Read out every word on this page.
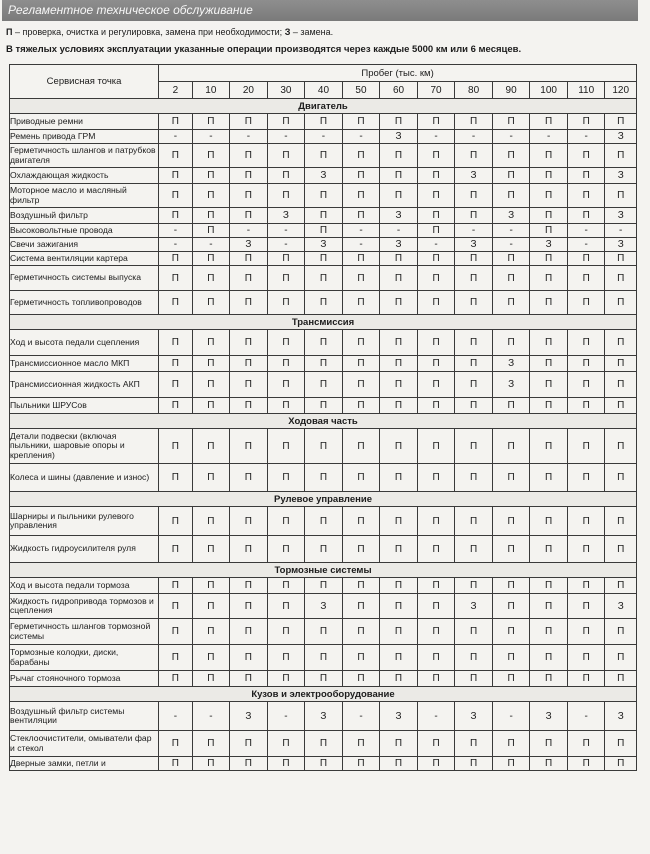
Регламентное техническое обслуживание
П – проверка, очистка и регулировка, замена при необходимости; З – замена.
В тяжелых условиях эксплуатации указанные операции производятся через каждые 5000 км или 6 месяцев.
Сервисная точка	Пробег (тыс. км)												
	2	10	20	30	40	50	60	70	80	90	100	110	120
Двигатель													
Приводные ремни	П	П	П	П	П	П	П	П	П	П	П	П	П
Ремень привода ГРМ	-	-	-	-	-	-	З	-	-	-	-	-	З
Герметичность шлангов и патрубков двигателя	П	П	П	П	П	П	П	П	П	П	П	П	П
Охлаждающая жидкость	П	П	П	П	З	П	П	П	З	П	П	П	З
Моторное масло и масляный фильтр	П	П	П	П	П	П	П	П	П	П	П	П	П
Воздушный фильтр	П	П	П	З	П	П	З	П	П	З	П	П	З
Высоковольтные провода	-	П	-	-	П	-	-	П	-	-	П	-	-
Свечи зажигания	-	-	З	-	З	-	З	-	З	-	З	-	З
Система вентиляции картера	П	П	П	П	П	П	П	П	П	П	П	П	П
Герметичность системы выпуска	П	П	П	П	П	П	П	П	П	П	П	П	П
Герметичность топливопроводов	П	П	П	П	П	П	П	П	П	П	П	П	П
Трансмиссия													
Ход и высота педали сцепления	П	П	П	П	П	П	П	П	П	П	П	П	П
Трансмиссионное масло МКП	П	П	П	П	П	П	П	П	П	З	П	П	П
Трансмиссионная жидкость АКП	П	П	П	П	П	П	П	П	П	З	П	П	П
Пыльники ШРУСов	П	П	П	П	П	П	П	П	П	П	П	П	П
Ходовая часть													
Детали подвески (включая пыльники, шаровые опоры и крепления)	П	П	П	П	П	П	П	П	П	П	П	П	П
Колеса и шины (давление и износ)	П	П	П	П	П	П	П	П	П	П	П	П	П
Рулевое управление													
Шарниры и пыльники рулевого управления	П	П	П	П	П	П	П	П	П	П	П	П	П
Жидкость гидроусилителя руля	П	П	П	П	П	П	П	П	П	П	П	П	П
Тормозные системы													
Ход и высота педали тормоза	П	П	П	П	П	П	П	П	П	П	П	П	П
Жидкость гидропривода тормозов и сцепления	П	П	П	П	З	П	П	П	З	П	П	П	З
Герметичность шлангов тормозной системы	П	П	П	П	П	П	П	П	П	П	П	П	П
Тормозные колодки, диски, барабаны	П	П	П	П	П	П	П	П	П	П	П	П	П
Рычаг стояночного тормоза	П	П	П	П	П	П	П	П	П	П	П	П	П
Кузов и электрооборудование													
Воздушный фильтр системы вентиляции	-	-	З	-	З	-	З	-	З	-	З	-	З
Стеклоочистители, омыватели фар и стекол	П	П	П	П	П	П	П	П	П	П	П	П	П
Дверные замки, петли и	П	П	П	П	П	П	П	П	П	П	П	П	П
